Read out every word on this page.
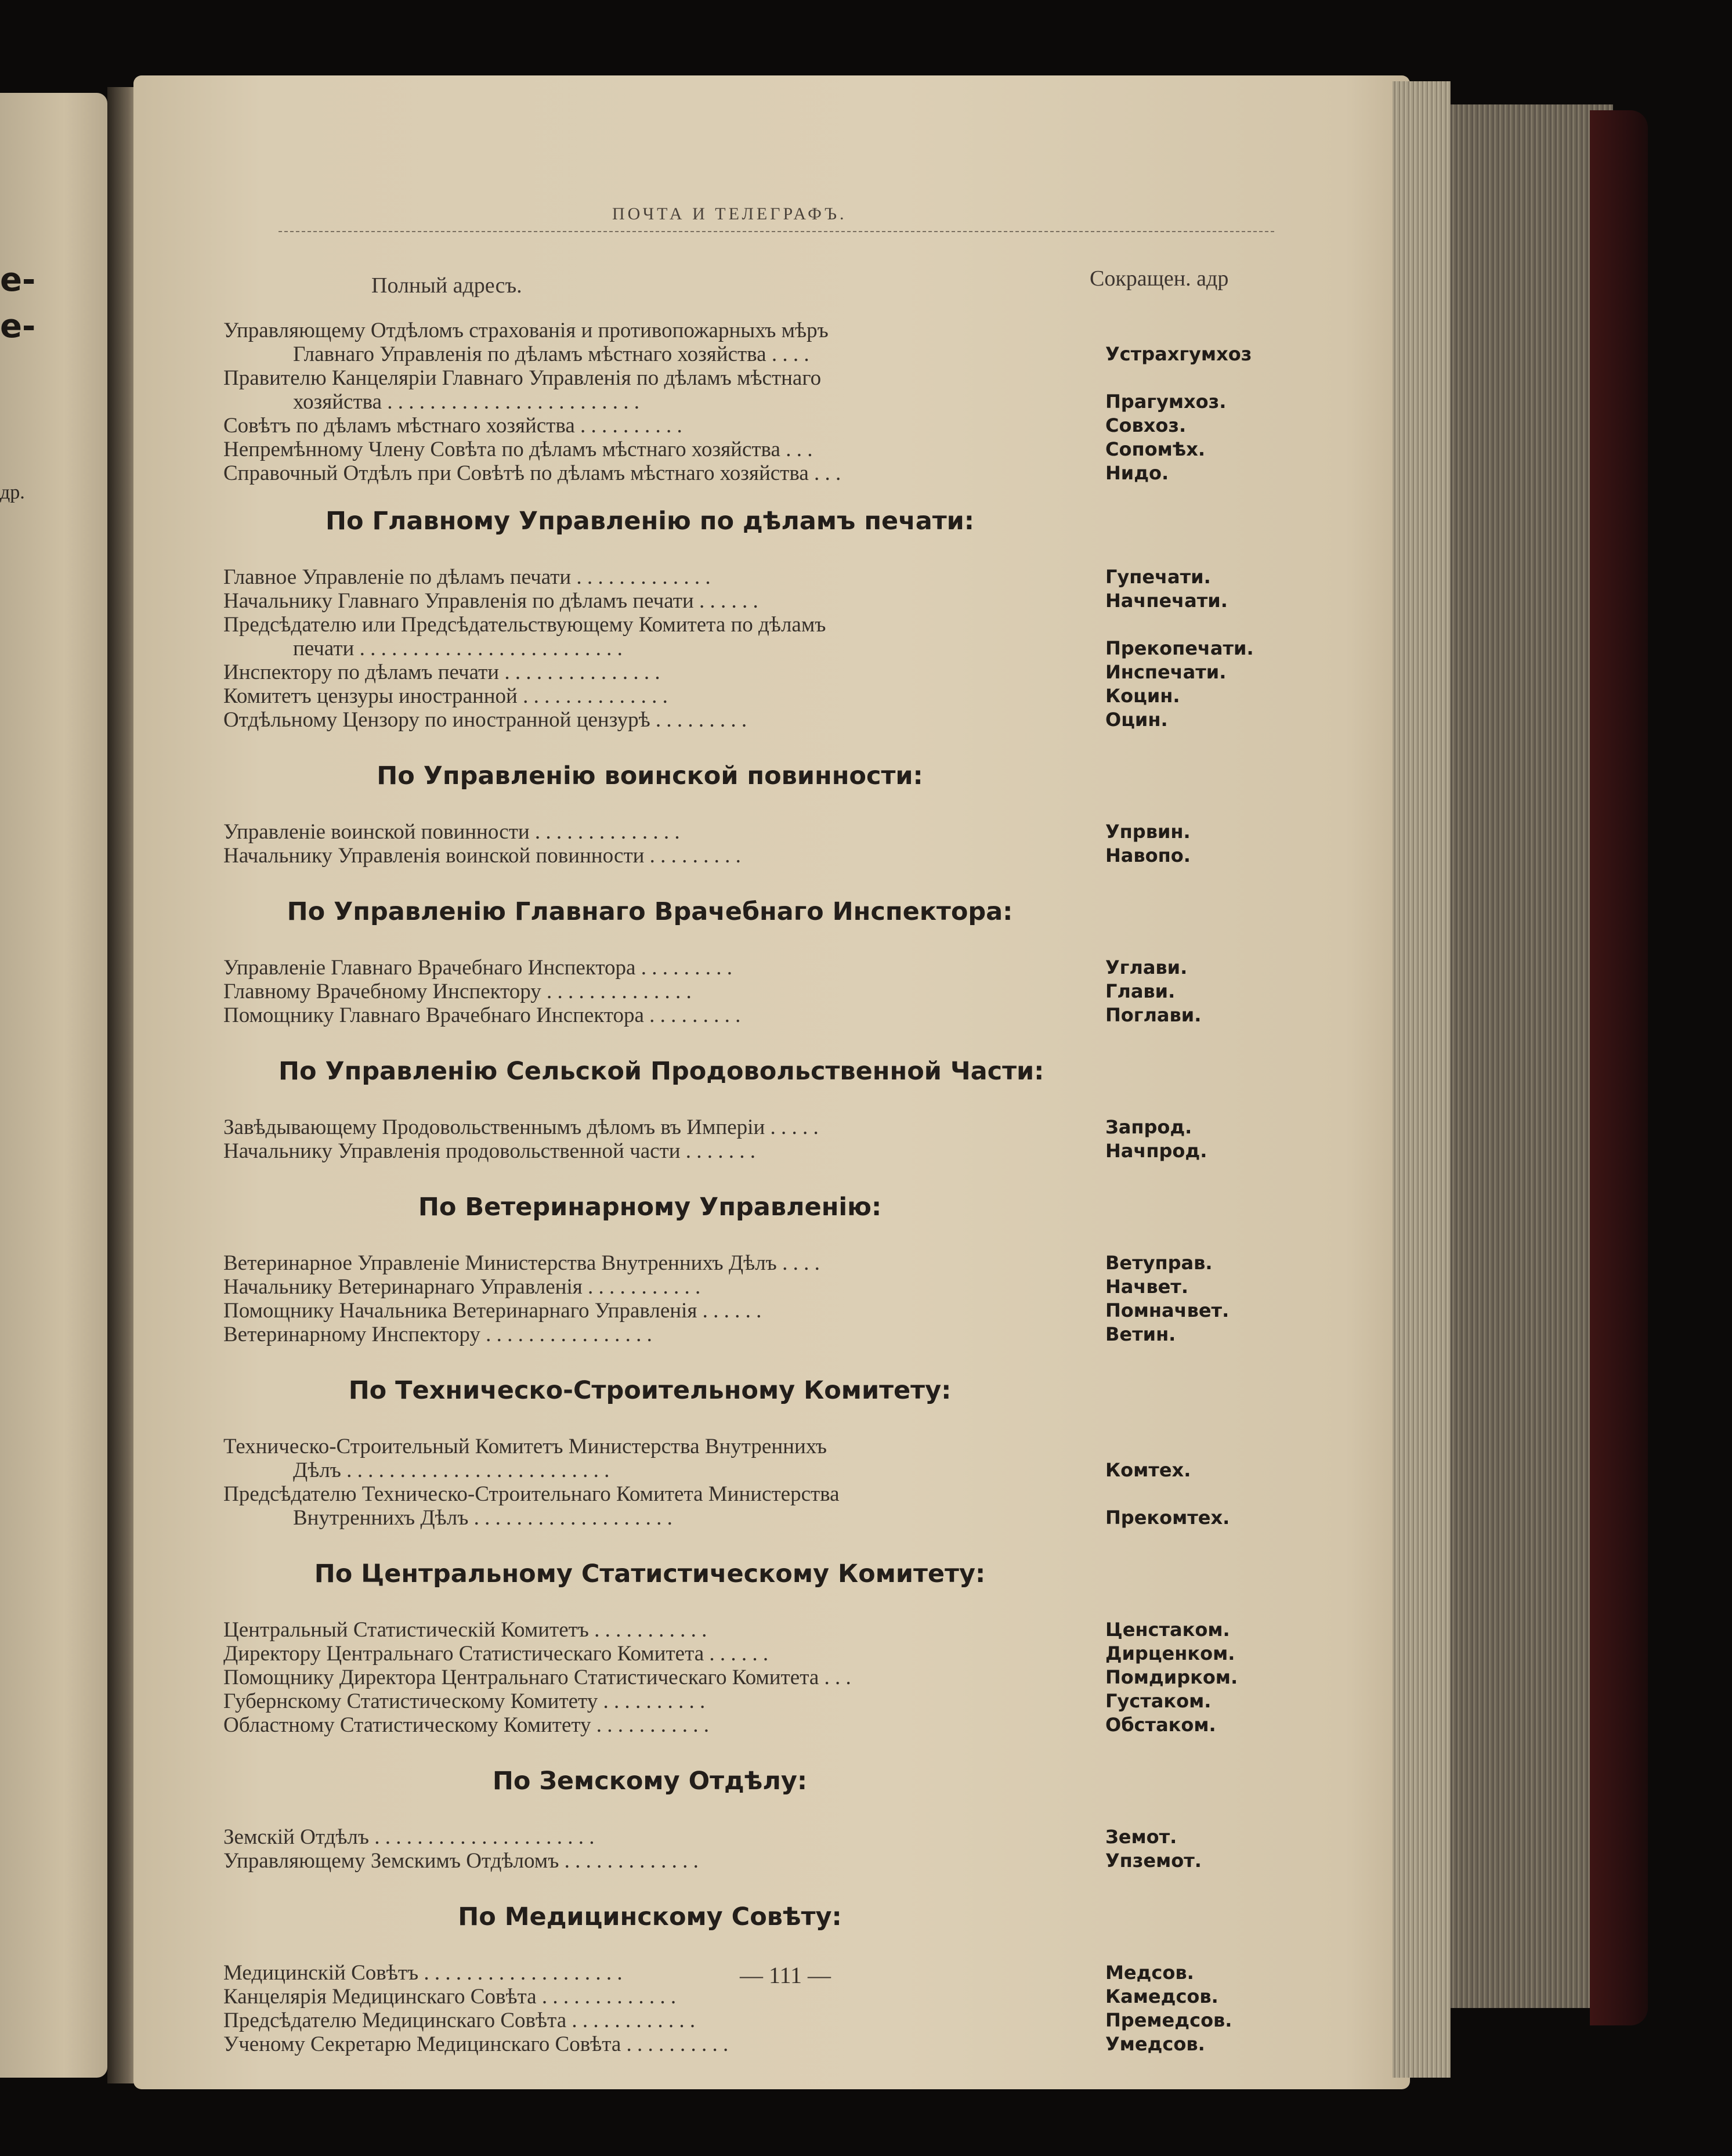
е-
е-
др.
ПОЧТА И ТЕЛЕГРАФЪ.
Полный адресъ.	Сокращен. адр
Управляющему Отдѣломъ страхованія и противопожарныхъ мѣръ
Главнаго Управленія по дѣламъ мѣстнаго хозяйства . . . .	Устрахгумхоз
Правителю Канцеляріи Главнаго Управленія по дѣламъ мѣстнаго
хозяйства . . . . . . . . . . . . . . . . . . . . . . . .	Прагумхоз.
Совѣтъ по дѣламъ мѣстнаго хозяйства . . . . . . . . . .	Совхоз.
Непремѣнному Члену Совѣта по дѣламъ мѣстнаго хозяйства . . .	Сопомѣх.
Справочный Отдѣлъ при Совѣтѣ по дѣламъ мѣстнаго хозяйства . . .	Нидо.
По Главному Управленію по дѣламъ печати:
Главное Управленіе по дѣламъ печати . . . . . . . . . . . . .	Гупечати.
Начальнику Главнаго Управленія по дѣламъ печати . . . . . .	Начпечати.
Предсѣдателю или Предсѣдательствующему Комитета по дѣламъ
печати . . . . . . . . . . . . . . . . . . . . . . . . .	Прекопечати.
Инспектору по дѣламъ печати . . . . . . . . . . . . . . .	Инспечати.
Комитетъ цензуры иностранной . . . . . . . . . . . . . .	Коцин.
Отдѣльному Цензору по иностранной цензурѣ . . . . . . . . .	Оцин.
По Управленію воинской повинности:
Управленіе воинской повинности . . . . . . . . . . . . . .	Упрвин.
Начальнику Управленія воинской повинности . . . . . . . . .	Навопо.
По Управленію Главнаго Врачебнаго Инспектора:
Управленіе Главнаго Врачебнаго Инспектора . . . . . . . . .	Углави.
Главному Врачебному Инспектору . . . . . . . . . . . . . .	Глави.
Помощнику Главнаго Врачебнаго Инспектора . . . . . . . . .	Поглави.
По Управленію Сельской Продовольственной Части:
Завѣдывающему Продовольственнымъ дѣломъ въ Имперіи . . . . .	Запрод.
Начальнику Управленія продовольственной части . . . . . . .	Начпрод.
По Ветеринарному Управленію:
Ветеринарное Управленіе Министерства Внутреннихъ Дѣлъ . . . .	Ветуправ.
Начальнику Ветеринарнаго Управленія . . . . . . . . . . .	Начвет.
Помощнику Начальника Ветеринарнаго Управленія . . . . . .	Помначвет.
Ветеринарному Инспектору . . . . . . . . . . . . . . . .	Ветин.
По Техническо-Строительному Комитету:
Техническо-Строительный Комитетъ Министерства Внутреннихъ
Дѣлъ . . . . . . . . . . . . . . . . . . . . . . . . .	Комтех.
Предсѣдателю Техническо-Строительнаго Комитета Министерства
Внутреннихъ Дѣлъ . . . . . . . . . . . . . . . . . . .	Прекомтех.
По Центральному Статистическому Комитету:
Центральный Статистическій Комитетъ . . . . . . . . . . .	Ценстаком.
Директору Центральнаго Статистическаго Комитета . . . . . .	Дирценком.
Помощнику Директора Центральнаго Статистическаго Комитета . . .	Помдирком.
Губернскому Статистическому Комитету . . . . . . . . . .	Густаком.
Областному Статистическому Комитету . . . . . . . . . . .	Обстаком.
По Земскому Отдѣлу:
Земскій Отдѣлъ . . . . . . . . . . . . . . . . . . . . .	Земот.
Управляющему Земскимъ Отдѣломъ . . . . . . . . . . . . .	Упземот.
По Медицинскому Совѣту:
Медицинскій Совѣтъ . . . . . . . . . . . . . . . . . . .	Медсов.
Канцелярія Медицинскаго Совѣта . . . . . . . . . . . . .	Камедсов.
Предсѣдателю Медицинскаго Совѣта . . . . . . . . . . . .	Премедсов.
Ученому Секретарю Медицинскаго Совѣта . . . . . . . . . .	Умедсов.
— 111 —
